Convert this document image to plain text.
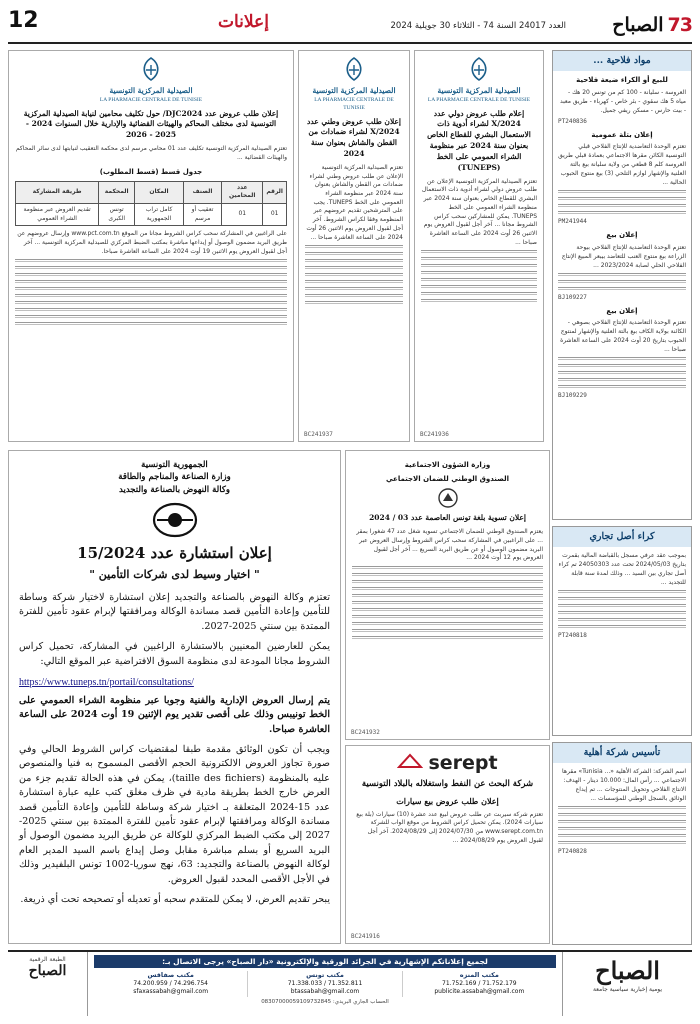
73
الصباح
العدد 24017 السنة 74 - الثلاثاء 30 جويلية 2024
إعلانات
12
مواد فلاحية ...
للبيع أو الكراء ضيعة فلاحية
العروسة - سليانة - 100 كم من تونس 20 هك - مياه 5 هك سقوي - بئر خاص - كهرباء - طريق معبد - بيت حارس - مسكن ريفي جميل.
PT240836
إعلان بتلة عمومية
تعتزم الوحدة التعاضدية للإنتاج الفلاحي قبلي التونسية الكائن مقرها الاجتماعي بعمادة قبلي طريق العروسة كلم 8 قطعي من ولاية سليانة بيع بالتة العلنية والإشهار لوازم التلحي (3) بيع منتوج الحبوب الحالية ...
PM241944
إعلان بيع
تعتزم الوحدة التعاضدية للإنتاج الفلاحي بيوحة الزراعة بيع منتوج العنب للتعاضد بيبعر المبيع الإنتاج الفلاحي الحلي لصابة 2023/2024 ...
BJ109227
إعلان بيع
تعتزم الوحدة التعاضدية للإنتاج الفلاحي بصوهي - الكائنة بولاية الكاف بيع بالتة العلنية والإشهار لمنتوج الحبوب بتاريخ 20 أوت 2024 على الساعة العاشرة صباحا ...
BJ109229
كراء أصل تجاري
بموجب عقد عرفي مسجل بالقباضة المالية بقمرت بتاريخ 2024/05/03 تحت عدد 24050303 تم كراء أصل تجاري بين السيد ... وذلك لمدة سنة قابلة للتجديد ...
PT240818
تأسيس شركة أهلية
اسم الشركة: الشركة الأهلية «... Tunisia» مقرها الاجتماعي ... رأس المال: 10.000 دينار - الهدف: الانتاج الفلاحي وتحويل المنتوجات ... تم إيداع الوثائق بالسجل الوطني للمؤسسات ...
PT240828
الصيدلية المركزية التونسية
LA PHARMACIE CENTRALE DE TUNISIE
إعلام طلب عروض دولي عدد 2024/X لشراء أدوية ذات الاستعمال البشري للقطاع الخاص بعنوان سنة 2024 عبر منظومة الشراء العمومي على الخط (TUNEPS)
تعتزم الصيدلية المركزية التونسية الإعلان عن طلب عروض دولي لشراء أدوية ذات الاستعمال البشري للقطاع الخاص بعنوان سنة 2024 عبر منظومة الشراء العمومي على الخط TUNEPS. يمكن للمشاركين سحب كراس الشروط مجانا ... آخر أجل لقبول العروض يوم الاثنين 26 أوت 2024 على الساعة العاشرة صباحا ...
BC241936
الصيدلية المركزية التونسية
LA PHARMACIE CENTRALE DE TUNISIE
إعلان طلب عروض وطني عدد 2024/X لشراء ضمادات من القطن والشاش بعنوان سنة 2024
تعتزم الصيدلية المركزية التونسية الإعلان عن طلب عروض وطني لشراء ضمادات من القطن والشاش بعنوان سنة 2024 عبر منظومة الشراء العمومي على الخط TUNEPS. يجب على المترشحين تقديم عروضهم عبر المنظومة وفقا لكراس الشروط. آخر أجل لقبول العروض يوم الاثنين 26 أوت 2024 على الساعة العاشرة صباحا ...
BC241937
الصيدلية المركزية التونسية
LA PHARMACIE CENTRALE DE TUNISIE
إعلان طلب عروض عدد DJC2024/ حول تكليف محامين لنيابة الصيدلية المركزية التونسية لدى مختلف المحاكم والهيئات القضائية والإدارية خلال السنوات 2024 - 2025 - 2026
تعتزم الصيدلية المركزية التونسية تكليف عدد 01 محامي مرسم لدى محكمة التعقيب لنيابتها لدى سائر المحاكم والهيئات القضائية ...
جدول قسط (قسط المطلوب)
الرقم	عدد المحامين	الصنف	المكان	المحكمة	طريقة المشاركة
01	01	تعقيب أو مرسم	كامل تراب الجمهورية	تونس الكبرى	تقديم العروض عبر منظومة الشراء العمومي
على الراغبين في المشاركة سحب كراس الشروط مجانا من الموقع www.pct.com.tn وإرسال عروضهم عن طريق البريد مضمون الوصول أو إيداعها مباشرة بمكتب الضبط المركزي للصيدلية المركزية التونسية ... آخر أجل لقبول العروض يوم الاثنين 19 أوت 2024 على الساعة العاشرة صباحا.
وزارة الشؤون الاجتماعية
الصندوق الوطني للضمان الاجتماعي
إعلان تسوية بلغة تونس العاصمة عدد 03 / 2024
يعتزم الصندوق الوطني للضمان الاجتماعي تسوية شغل عدد 47 شغورا بمقر ... على الراغبين في المشاركة سحب كراس الشروط وإرسال العروض عبر البريد مضمون الوصول أو عن طريق البريد السريع ... آخر أجل لقبول العروض يوم 12 أوت 2024 ...
BC241932
serept
شركة البحث عن النفط واستغلاله بالبلاد التونسية
إعلان طلب عروض بيع سيارات
تعتزم شركة سيربت عن طلب عروض لبيع عدد عشرة (10) سيارات (بلة بيع سيارات 2024). يمكن تحميل كراس الشروط من موقع الواب للشركة www.serept.com.tn من 2024/07/30 إلى 2024/08/29. آخر أجل لقبول العروض يوم 2024/08/29 ...
BC241916
الجمهورية التونسية
وزارة الصناعة والمناجم والطاقة
وكالة النهوض بالصناعة والتجديد
إعلان استشارة عدد 15/2024
" اختيار وسيط لدى شركات التأمين "

تعتزم وكالة النهوض بالصناعة والتجديد إعلان استشارة لاختيار شركة وساطة للتأمين وإعادة التأمين قصد مساندة الوكالة ومرافقتها لإبرام عقود تأمين للفترة الممتدة بين سنتي 2025-2027.

يمكن للعارضين المعنيين بالاستشارة الراغبين في المشاركة، تحميل كراس الشروط مجانا المودعة لدى منظومة السوق الافتراضية عبر الموقع التالي:

https://www.tuneps.tn/portail/consultations/

يتم إرسال العروض الإدارية والفنية وجوبا عبر منظومة الشراء العمومي على الخط تونيبس وذلك على أقصى تقدير يوم الإثنين 19 أوت 2024 على الساعة العاشرة صباحا.

ويجب أن تكون الوثائق مقدمة طبقا لمقتضيات كراس الشروط الحالي وفي صورة تجاوز العروض الالكترونية الحجم الأقصى المسموح به فنيا والمنصوص عليه بالمنظومة (taille des fichiers)، يمكن في هذه الحالة تقديم جزء من العرض خارج الخط بطريقة مادية في ظرف مغلق كتب عليه عبارة استشارة عدد 15-2024 المتعلقة بـ اختيار شركة وساطة للتأمين وإعادة التأمين قصد مساندة الوكالة ومرافقتها لإبرام عقود تأمين للفترة الممتدة بين سنتي 2025-2027 إلى مكتب الضبط المركزي للوكالة عن طريق البريد مضمون الوصول أو البريد السريع أو بسلم مباشرة مقابل وصل إيداع باسم السيد المدير العام لوكالة النهوض بالصناعة والتجديد: 63، نهج سوريا-1002 تونس البلفيدير وذلك في الأجل الأقصى المحدد لقبول العروض.

يبحر تقديم العرض، لا يمكن للمتقدم سحبه أو تعديله أو تصحيحه تحت أي ذريعة.

الصباح
يومية إخبارية سياسية جامعة
لجميع إعلاناتكم الإشهارية في الجرائد الورقية والإلكترونية «دار الصباح» يرجى الاتصال بـ:
مكتب المنزه
71.752.179 / 71.752.169
publicite.assabah@gmail.com
مكتب تونس
71.352.811 / 71.338.033
btassabah@gmail.com
مكتب صفاقس
74.296.754 / 74.200.959
sfaxassabah@gmail.com
الحساب الجاري البريدي: 08307000059109732845
الطبعة الرقمية
الصباح
